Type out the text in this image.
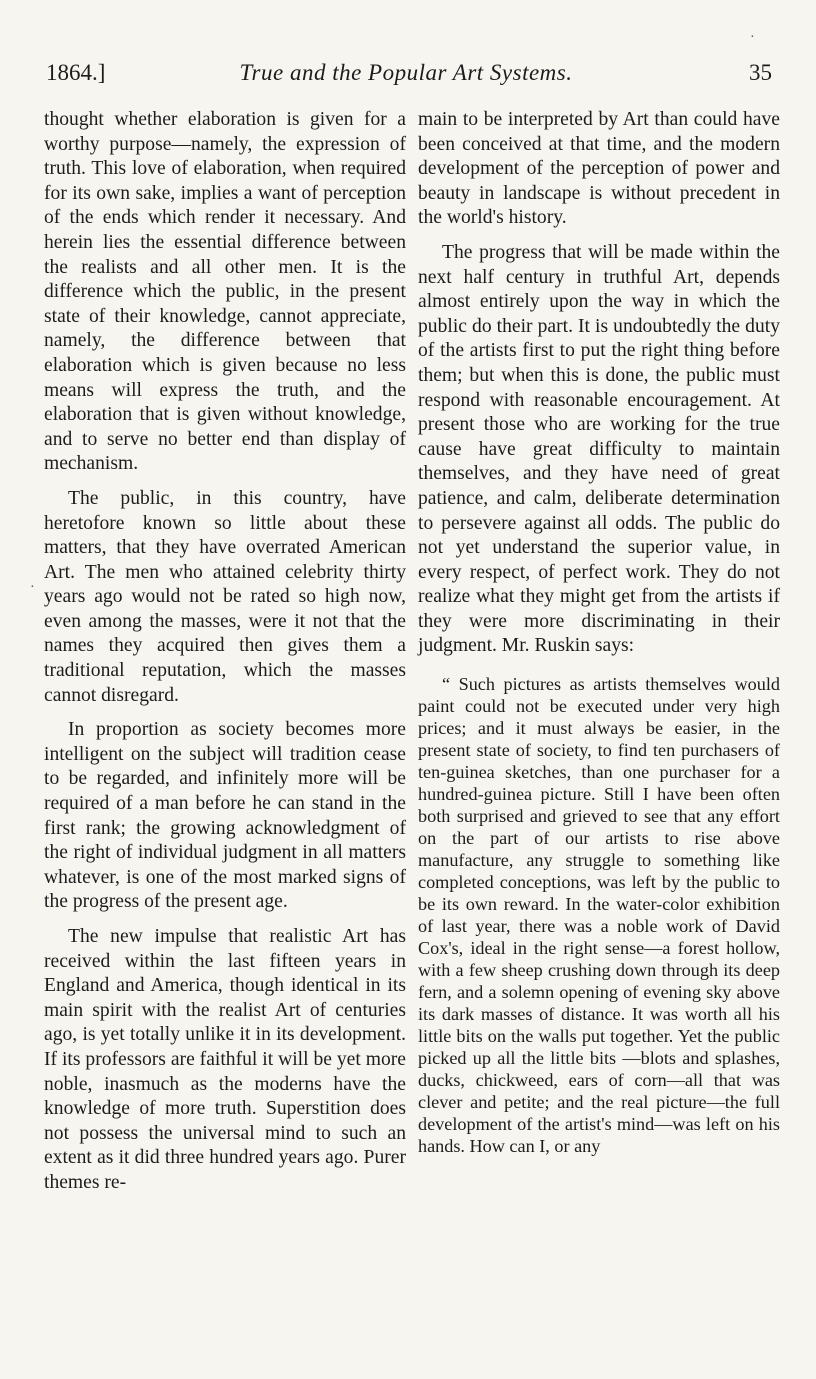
1864.]	True and the Popular Art Systems.	35

thought whether elaboration is given for a worthy purpose—namely, the expression of truth. This love of elaboration, when required for its own sake, implies a want of perception of the ends which render it necessary. And herein lies the essential difference between the realists and all other men. It is the difference which the public, in the present state of their knowledge, cannot appreciate, namely, the difference between that elaboration which is given because no less means will express the truth, and the elaboration that is given without knowledge, and to serve no better end than display of mechanism.

The public, in this country, have heretofore known so little about these matters, that they have overrated American Art. The men who attained celebrity thirty years ago would not be rated so high now, even among the masses, were it not that the names they acquired then gives them a traditional reputation, which the masses cannot disregard.

In proportion as society becomes more intelligent on the subject will tradition cease to be regarded, and infinitely more will be required of a man before he can stand in the first rank; the growing acknowledgment of the right of individual judgment in all matters whatever, is one of the most marked signs of the progress of the present age.

The new impulse that realistic Art has received within the last fifteen years in England and America, though identical in its main spirit with the realist Art of centuries ago, is yet totally unlike it in its development. If its professors are faithful it will be yet more noble, inasmuch as the moderns have the knowledge of more truth. Superstition does not possess the universal mind to such an extent as it did three hundred years ago. Purer themes re-

main to be interpreted by Art than could have been conceived at that time, and the modern development of the perception of power and beauty in landscape is without precedent in the world's history.

The progress that will be made within the next half century in truthful Art, depends almost entirely upon the way in which the public do their part. It is undoubtedly the duty of the artists first to put the right thing before them; but when this is done, the public must respond with reasonable encouragement. At present those who are working for the true cause have great difficulty to maintain themselves, and they have need of great patience, and calm, deliberate determination to persevere against all odds. The public do not yet understand the superior value, in every respect, of perfect work. They do not realize what they might get from the artists if they were more discriminating in their judgment. Mr. Ruskin says:

“ Such pictures as artists themselves would paint could not be executed under very high prices; and it must always be easier, in the present state of society, to find ten purchasers of ten-guinea sketches, than one purchaser for a hundred-guinea picture. Still I have been often both surprised and grieved to see that any effort on the part of our artists to rise above manufacture, any struggle to something like completed conceptions, was left by the public to be its own reward. In the water-color exhibition of last year, there was a noble work of David Cox's, ideal in the right sense—a forest hollow, with a few sheep crushing down through its deep fern, and a solemn opening of evening sky above its dark masses of distance. It was worth all his little bits on the walls put together. Yet the public picked up all the little bits —blots and splashes, ducks, chickweed, ears of corn—all that was clever and petite; and the real picture—the full development of the artist's mind—was left on his hands. How can I, or any

·
·
